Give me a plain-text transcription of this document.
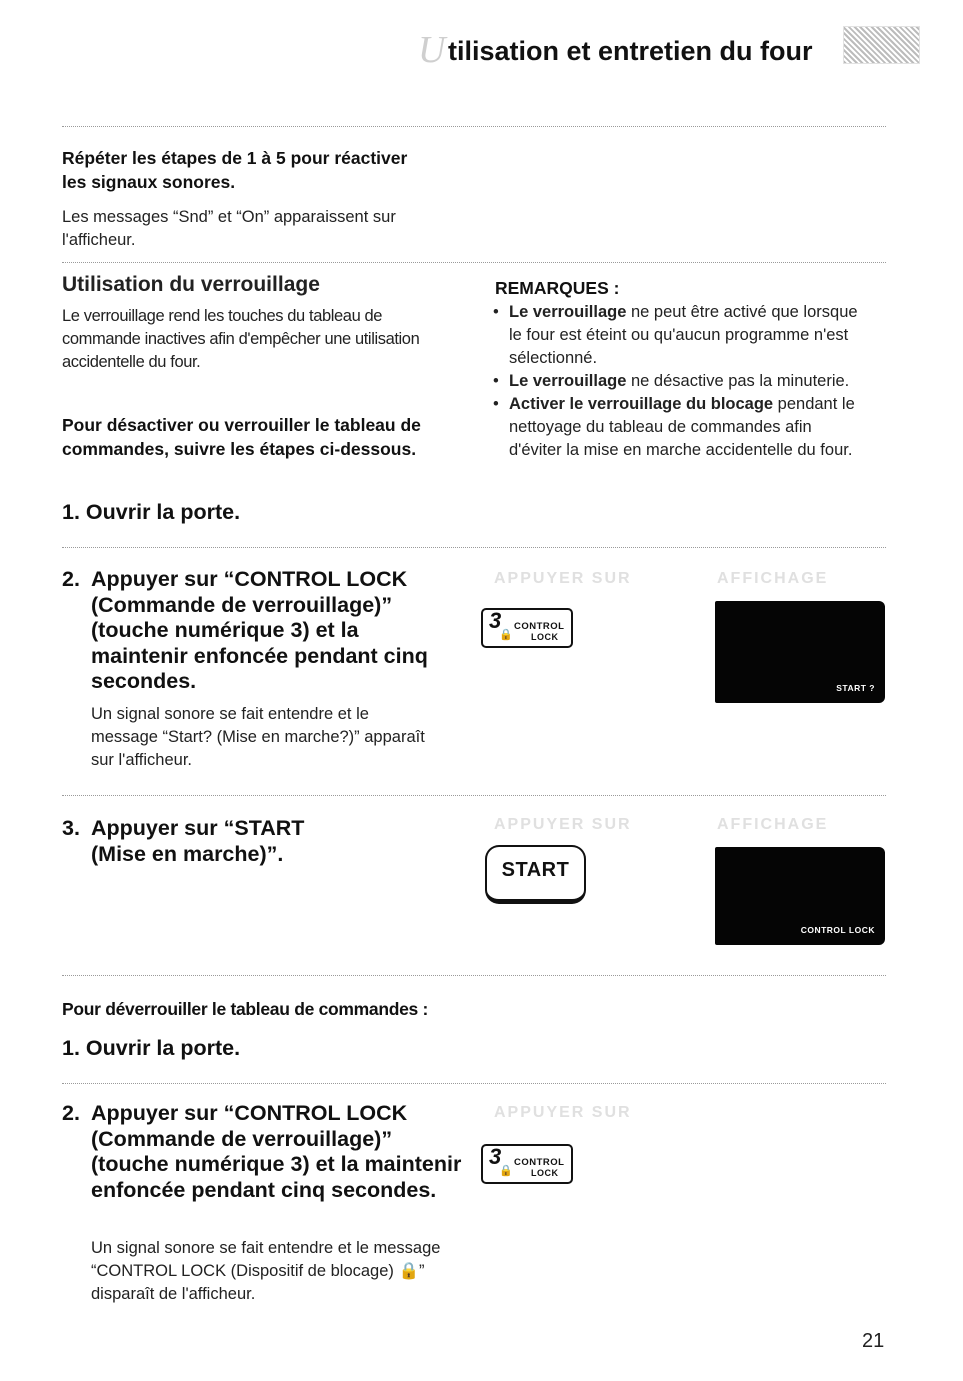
U tilisation et entretien du four
Répéter les étapes de 1 à 5 pour réactiver les signaux sonores.
Les messages “Snd” et “On” apparaissent sur l'afficheur.
Utilisation du verrouillage
Le verrouillage rend les touches du tableau de commande inactives afin d'empêcher une utilisation accidentelle du four.
Pour désactiver ou verrouiller le tableau de commandes, suivre les étapes ci-dessous.
1. Ouvrir la porte.
REMARQUES :
• Le verrouillage ne peut être activé que lorsque le four est éteint ou qu'aucun programme n'est sélectionné.
• Le verrouillage ne désactive pas la minuterie.
• Activer le verrouillage du blocage pendant le nettoyage du tableau de commandes afin d'éviter la mise en marche accidentelle du four.
2. Appuyer sur “CONTROL LOCK (Commande de verrouillage)” (touche numérique 3) et la maintenir enfoncée pendant cinq secondes.
Un signal sonore se fait entendre et le message “Start? (Mise en marche?)” apparaît sur l'afficheur.
APPUYER SUR	AFFICHAGE
3
🔒
CONTROL
LOCK
START ?
3. Appuyer sur “START (Mise en marche)”.
APPUYER SUR	AFFICHAGE
START
CONTROL LOCK
Pour déverrouiller le tableau de commandes :
1. Ouvrir la porte.
2. Appuyer sur “CONTROL LOCK (Commande de verrouillage)” (touche numérique 3) et la maintenir enfoncée pendant cinq secondes.
Un signal sonore se fait entendre et le message “CONTROL LOCK (Dispositif de blocage) 🔒” disparaît de l'afficheur.
APPUYER SUR
3
🔒
CONTROL
LOCK
21
